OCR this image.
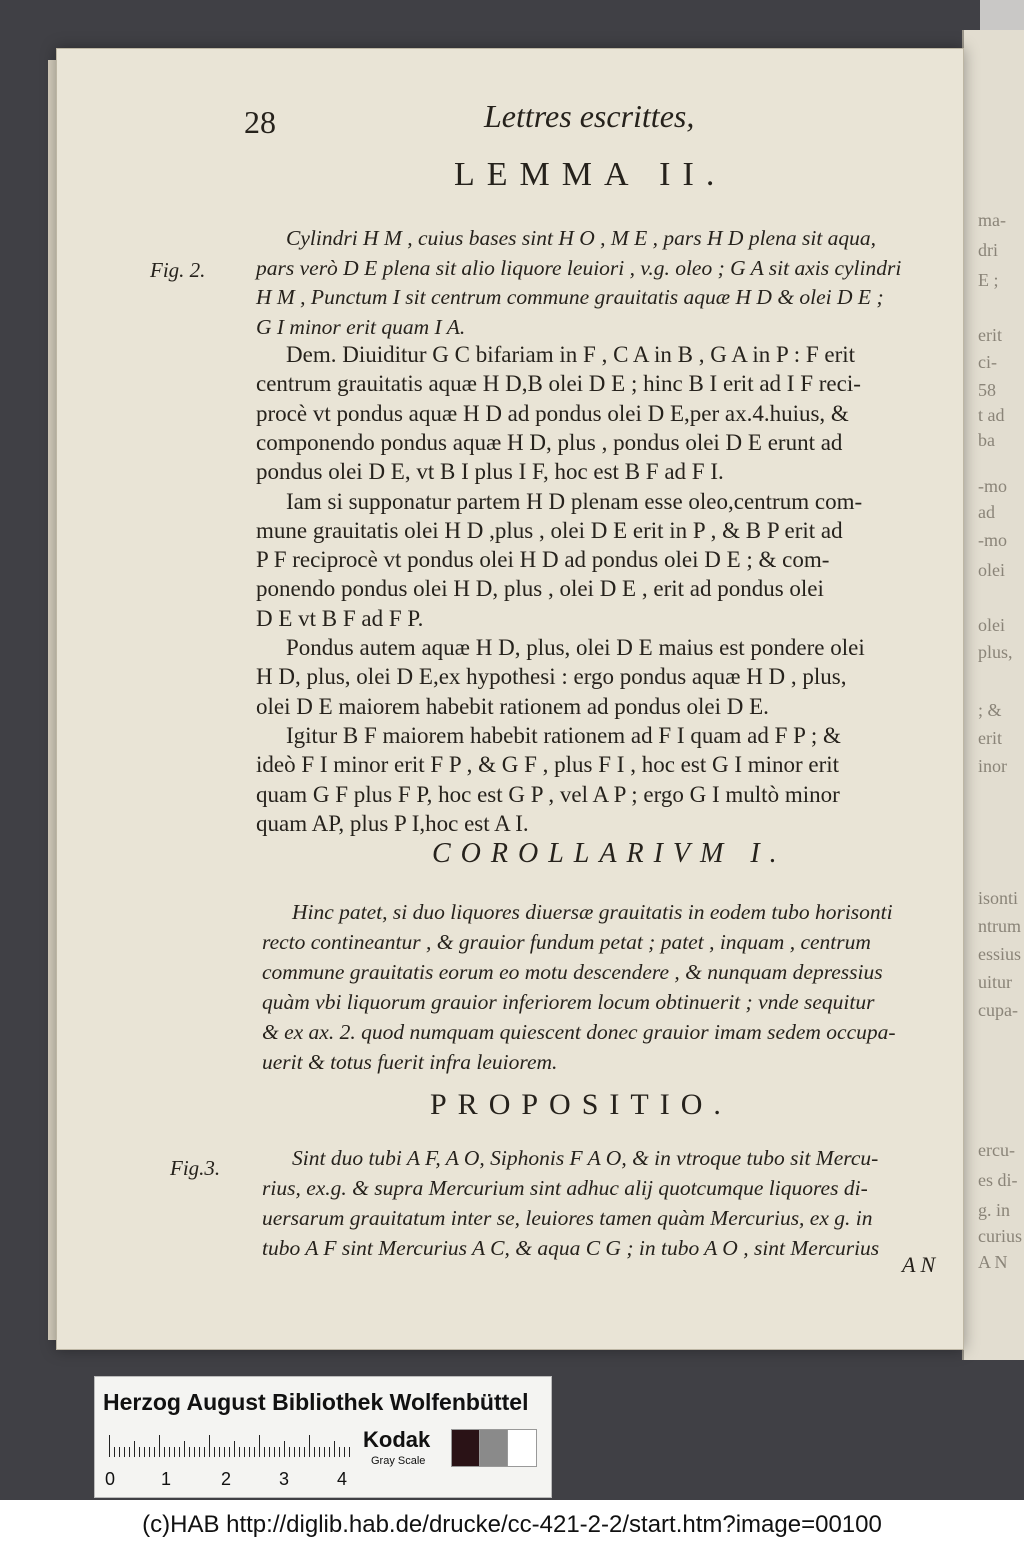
ma-
dri
E ;
erit
ci-
58
t ad
ba
-mo
ad
-mo
olei
olei
plus,
; &
erit
inor
isonti
ntrum
essius
uitur
cupa-
ercu-
es di-
g. in
curius
A N
28	Lettres escrittes,
LEMMA II.
Fig. 2.
COROLLARIVM I.
PROPOSITIO.
Fig.3.
A N
Cylindri H M , cuius bases sint H O , M E , pars H D plena sit aqua,
pars verò D E plena sit alio liquore leuiori , v.g. oleo ; G A sit axis cylindri
H M , Punctum I sit centrum commune grauitatis aquæ H D & olei D E ;
G I minor erit quam I A.
Dem. Diuiditur G C bifariam in F , C A in B , G A in P : F erit
centrum grauitatis aquæ H D,B olei D E ; hinc B I erit ad I F reci-
procè vt pondus aquæ H D ad pondus olei D E,per ax.4.huius, &
componendo pondus aquæ H D, plus , pondus olei D E erunt ad
pondus olei D E, vt B I plus I F, hoc est B F ad F I.
Iam si supponatur partem H D plenam esse oleo,centrum com-
mune grauitatis olei H D ,plus , olei D E erit in P , & B P erit ad
P F reciprocè vt pondus olei H D ad pondus olei D E ; & com-
ponendo pondus olei H D, plus , olei D E , erit ad pondus olei
D E vt B F ad F P.
Pondus autem aquæ H D, plus, olei D E maius est pondere olei
H D, plus, olei D E,ex hypothesi : ergo pondus aquæ H D , plus,
olei D E maiorem habebit rationem ad pondus olei D E.
Igitur B F maiorem habebit rationem ad F I quam ad F P ; &
ideò F I minor erit F P , & G F , plus F I , hoc est G I minor erit
quam G F plus F P, hoc est G P , vel A P ; ergo G I multò minor
quam AP, plus P I,hoc est A I.
Hinc patet, si duo liquores diuersæ grauitatis in eodem tubo horisonti
recto contineantur , & grauior fundum petat ; patet , inquam , centrum
commune grauitatis eorum eo motu descendere , & nunquam depressius
quàm vbi liquorum grauior inferiorem locum obtinuerit ; vnde sequitur
& ex ax. 2. quod numquam quiescent donec grauior imam sedem occupa-
uerit & totus fuerit infra leuiorem.
Sint duo tubi A F, A O, Siphonis F A O, & in vtroque tubo sit Mercu-
rius, ex.g. & supra Mercurium sint adhuc alij quotcumque liquores di-
uersarum grauitatum inter se, leuiores tamen quàm Mercurius, ex g. in
tubo A F sint Mercurius A C, & aqua C G ; in tubo A O , sint Mercurius
Herzog August Bibliothek Wolfenbüttel
0	1	2	3	4
Kodak
Gray Scale
(c)HAB http://diglib.hab.de/drucke/cc-421-2-2/start.htm?image=00100
